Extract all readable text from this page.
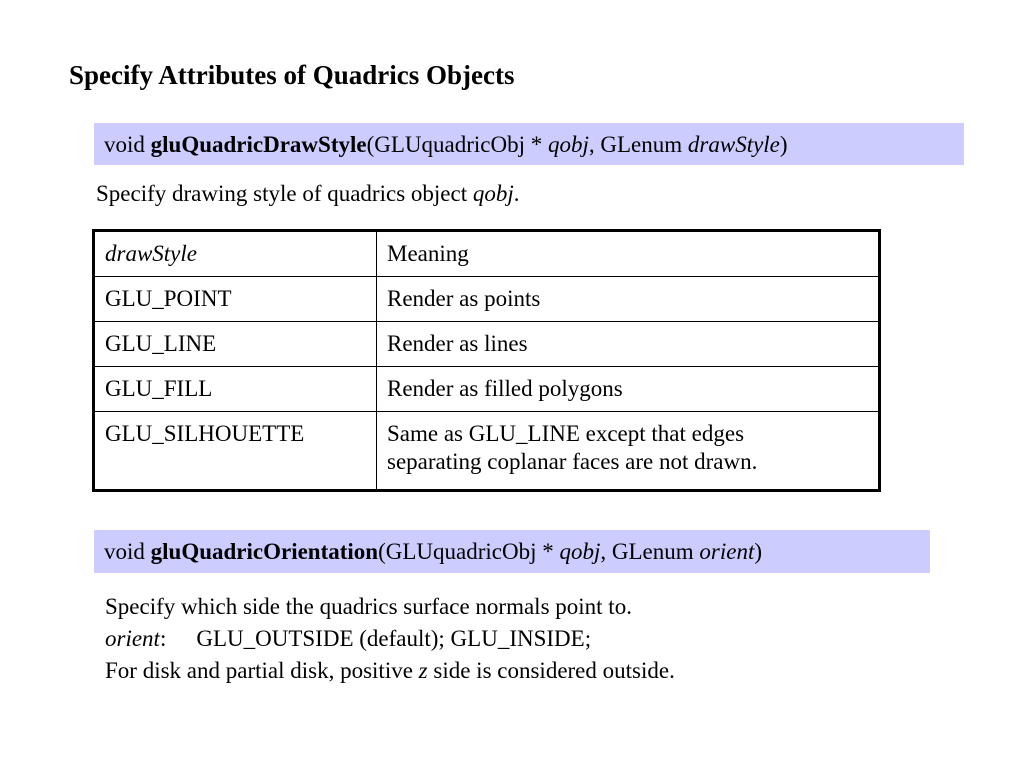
Specify Attributes of Quadrics Objects
void gluQuadricDrawStyle(GLUquadricObj * qobj, GLenum drawStyle)
Specify drawing style of quadrics object qobj.
drawStyle	Meaning
GLU_POINT	Render as points
GLU_LINE	Render as lines
GLU_FILL	Render as filled polygons
GLU_SILHOUETTE	Same as GLU_LINE except that edges
separating coplanar faces are not drawn.
void gluQuadricOrientation(GLUquadricObj * qobj, GLenum orient)
Specify which side the quadrics surface normals point to.
orient: GLU_OUTSIDE (default); GLU_INSIDE;
For disk and partial disk, positive z side is considered outside.
